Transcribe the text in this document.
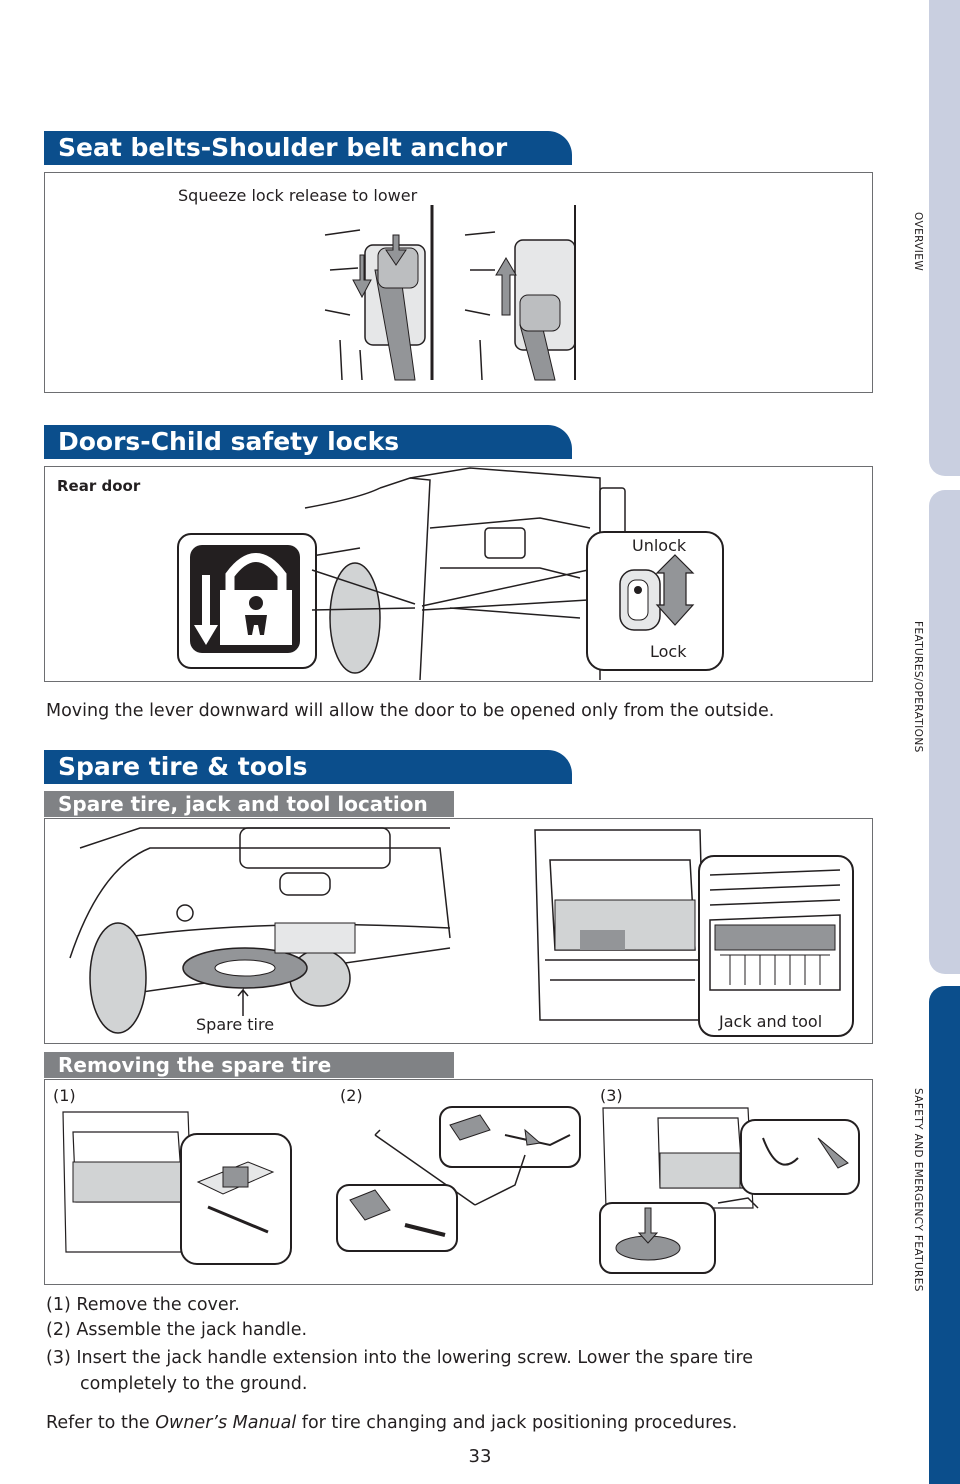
OVERVIEW
FEATURES/OPERATIONS
SAFETY AND EMERGENCY FEATURES
Seat belts-Shoulder belt anchor
Squeeze lock release to lower
Doors-Child safety locks
Rear door
Unlock
Lock
Moving the lever downward will allow the door to be opened only from the outside.
Spare tire & tools
Spare tire, jack and tool location
Spare tire	Jack and tool
Removing the spare tire
(1)	(2)	(3)
(1) Remove the cover.
(2) Assemble the jack handle.
(3) Insert the jack handle extension into the lowering screw. Lower the spare tire
completely to the ground.
Refer to the Owner’s Manual for tire changing and jack positioning procedures.
33
